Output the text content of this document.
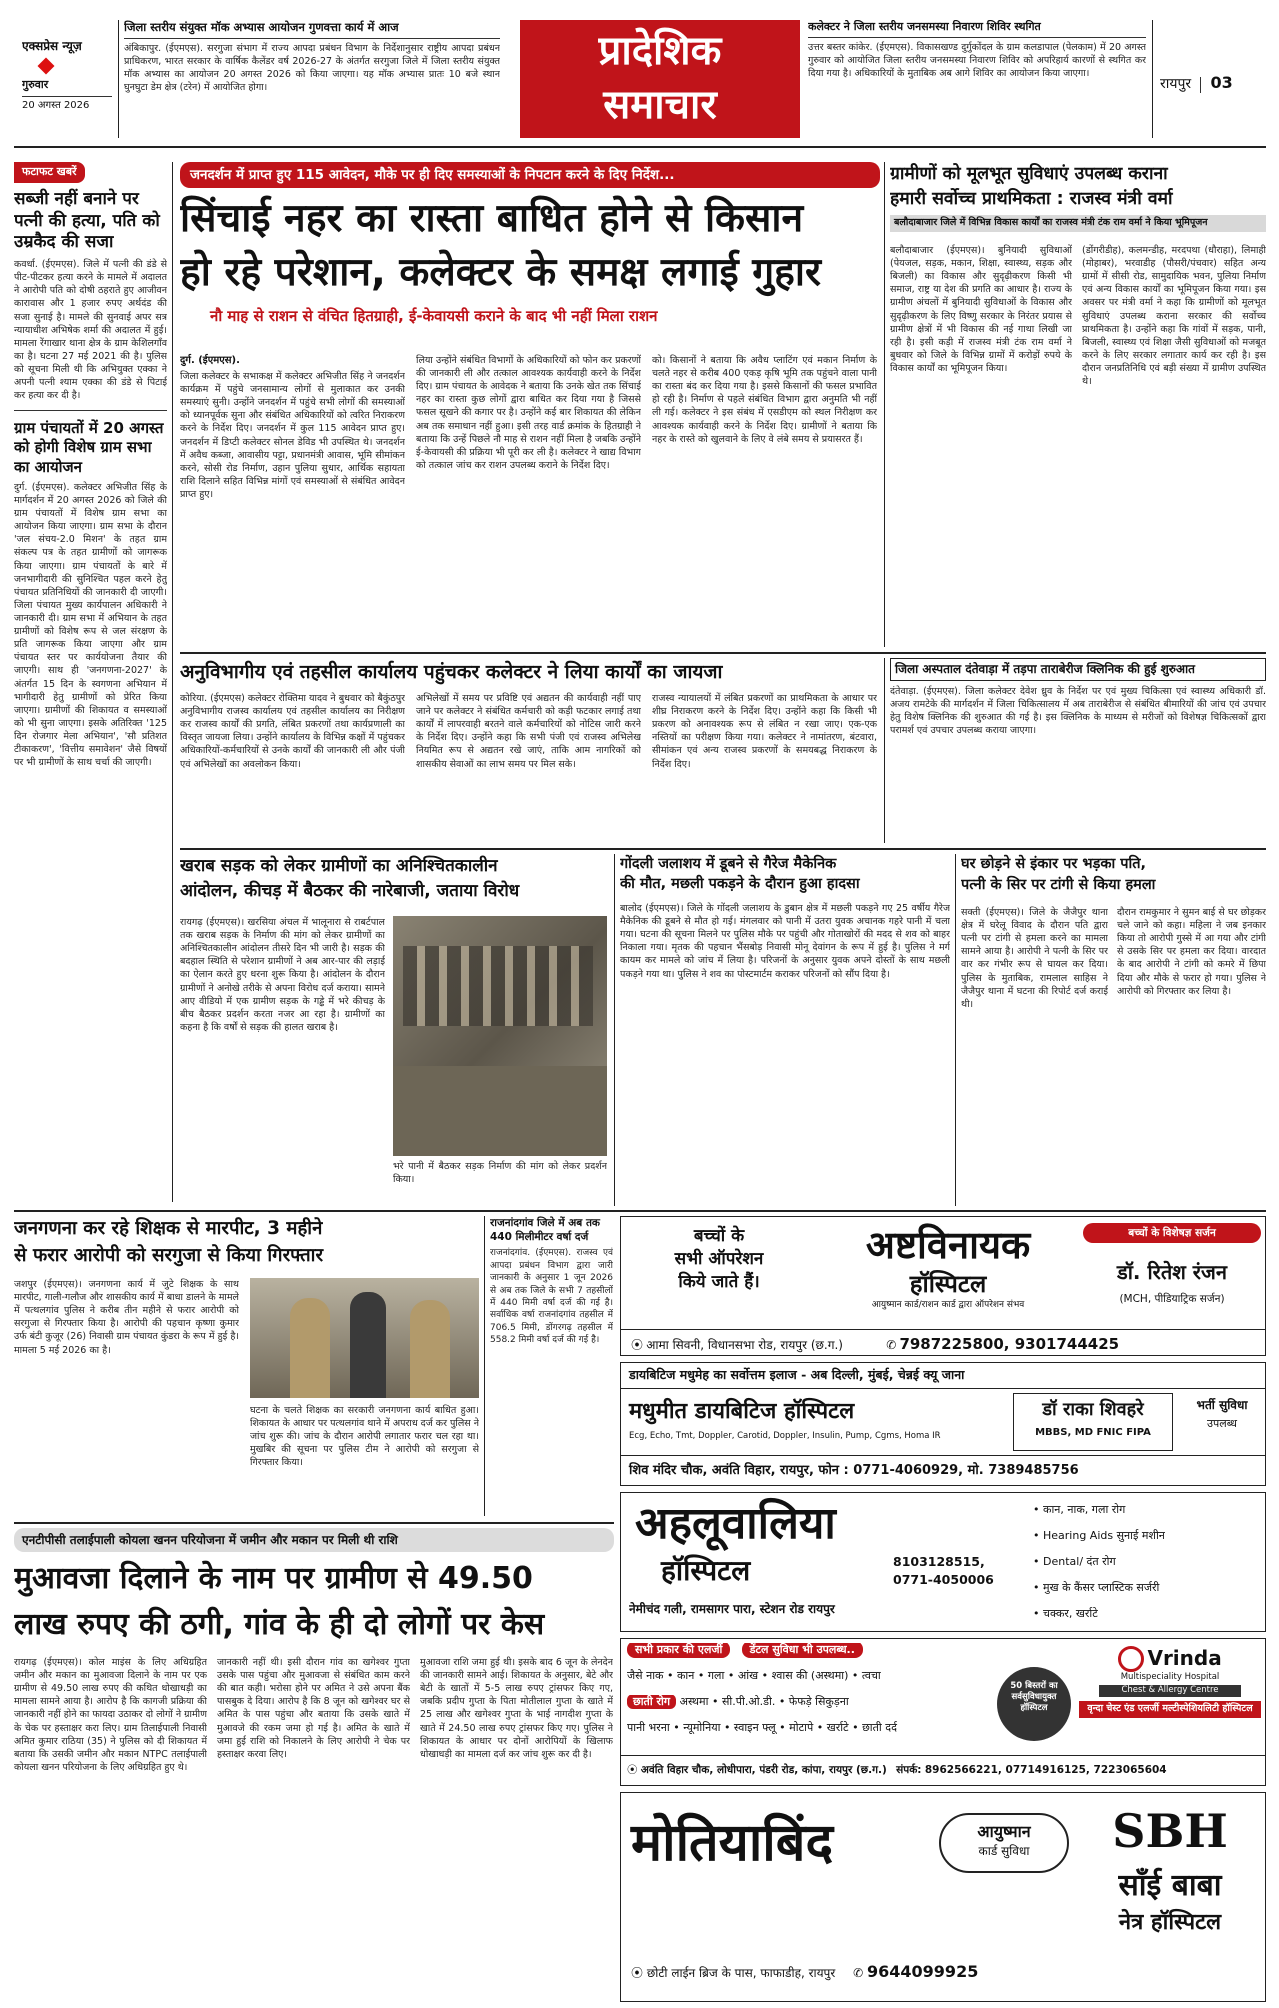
एक्सप्रेस न्यूज़
गुरुवार
20 अगस्त 2026
जिला स्तरीय संयुक्त मॉक अभ्यास आयोजन गुणवत्ता कार्य में आज
अंबिकापुर. (ईएमएस). सरगुजा संभाग में राज्य आपदा प्रबंधन विभाग के निर्देशानुसार राष्ट्रीय आपदा प्रबंधन प्राधिकरण, भारत सरकार के वार्षिक कैलेंडर वर्ष 2026-27 के अंतर्गत सरगुजा जिले में जिला स्तरीय संयुक्त मॉक अभ्यास का आयोजन 20 अगस्त 2026 को किया जाएगा। यह मॉक अभ्यास प्रातः 10 बजे स्थान घुनघुटा डेम क्षेत्र (टरेन) में आयोजित होगा।
प्रादेशिक
समाचार
कलेक्टर ने जिला स्तरीय जनसमस्या निवारण शिविर स्थगित
उत्तर बस्तर कांकेर. (ईएमएस). विकासखण्ड दुर्गुकोंदल के ग्राम कलडापाल (पेलकाम) में 20 अगस्त गुरुवार को आयोजित जिला स्तरीय जनसमस्या निवारण शिविर को अपरिहार्य कारणों से स्थगित कर दिया गया है। अधिकारियों के मुताबिक अब आगे शिविर का आयोजन किया जाएगा।
रायपुर 03
फटाफट खबरें
सब्जी नहीं बनाने पर पत्नी की हत्या, पति को उम्रकैद की सजा
कवर्धा. (ईएमएस). जिले में पत्नी की डंडे से पीट-पीटकर हत्या करने के मामले में अदालत ने आरोपी पति को दोषी ठहराते हुए आजीवन कारावास और 1 हजार रुपए अर्थदंड की सजा सुनाई है। मामले की सुनवाई अपर सत्र न्यायाधीश अभिषेक शर्मा की अदालत में हुई। मामला रेंगाखार थाना क्षेत्र के ग्राम केशिलगाँव का है। घटना 27 मई 2021 की है। पुलिस को सूचना मिली थी कि अभियुक्त एक्का ने अपनी पत्नी श्याम एक्का की डंडे से पिटाई कर हत्या कर दी है।
ग्राम पंचायतों में 20 अगस्त को होगी विशेष ग्राम सभा का आयोजन
दुर्ग. (ईएमएस). कलेक्टर अभिजीत सिंह के मार्गदर्शन में 20 अगस्त 2026 को जिले की ग्राम पंचायतों में विशेष ग्राम सभा का आयोजन किया जाएगा। ग्राम सभा के दौरान 'जल संचय-2.0 मिशन' के तहत ग्राम संकल्प पत्र के तहत ग्रामीणों को जागरूक किया जाएगा। ग्राम पंचायतों के बारे में जनभागीदारी की सुनिश्चित पहल करने हेतु पंचायत प्रतिनिधियों की जानकारी दी जाएगी। जिला पंचायत मुख्य कार्यपालन अधिकारी ने जानकारी दी। ग्राम सभा में अभियान के तहत ग्रामीणों को विशेष रूप से जल संरक्षण के प्रति जागरूक किया जाएगा और ग्राम पंचायत स्तर पर कार्ययोजना तैयार की जाएगी। साथ ही 'जनगणना-2027' के अंतर्गत 15 दिन के स्वगणना अभियान में भागीदारी हेतु ग्रामीणों को प्रेरित किया जाएगा। ग्रामीणों की शिकायत व समस्याओं को भी सुना जाएगा। इसके अतिरिक्त '125 दिन रोजगार मेला अभियान', 'सौ प्रतिशत टीकाकरण', 'वित्तीय समावेशन' जैसे विषयों पर भी ग्रामीणों के साथ चर्चा की जाएगी।
जनदर्शन में प्राप्त हुए 115 आवेदन, मौके पर ही दिए समस्याओं के निपटान करने के दिए निर्देश...
सिंचाई नहर का रास्ता बाधित होने से किसान
हो रहे परेशान, कलेक्टर के समक्ष लगाई गुहार
नौ माह से राशन से वंचित हितग्राही, ई-केवायसी कराने के बाद भी नहीं मिला राशन
दुर्ग. (ईएमएस).
जिला कलेक्टर के सभाकक्ष में कलेक्टर अभिजीत सिंह ने जनदर्शन कार्यक्रम में पहुंचे जनसामान्य लोगों से मुलाकात कर उनकी समस्याएं सुनी। उन्होंने जनदर्शन में पहुंचे सभी लोगों की समस्याओं को ध्यानपूर्वक सुना और संबंधित अधिकारियों को त्वरित निराकरण करने के निर्देश दिए। जनदर्शन में कुल 115 आवेदन प्राप्त हुए। जनदर्शन में डिप्टी कलेक्टर सोनल डेविड भी उपस्थित थे। जनदर्शन में अवैध कब्जा, आवासीय पट्टा, प्रधानमंत्री आवास, भूमि सीमांकन करने, सोसी रोड निर्माण, उहान पुलिया सुधार, आर्थिक सहायता राशि दिलाने सहित विभिन्न मांगों एवं समस्याओं से संबंधित आवेदन प्राप्त हुए।
लिया उन्होंने संबंधित विभागों के अधिकारियों को फोन कर प्रकरणों की जानकारी ली और तत्काल आवश्यक कार्यवाही करने के निर्देश दिए। ग्राम पंचायत के आवेदक ने बताया कि उनके खेत तक सिंचाई नहर का रास्ता कुछ लोगों द्वारा बाधित कर दिया गया है जिससे फसल सूखने की कगार पर है। उन्होंने कई बार शिकायत की लेकिन अब तक समाधान नहीं हुआ। इसी तरह वार्ड क्रमांक के हितग्राही ने बताया कि उन्हें पिछले नौ माह से राशन नहीं मिला है जबकि उन्होंने ई-केवायसी की प्रक्रिया भी पूरी कर ली है। कलेक्टर ने खाद्य विभाग को तत्काल जांच कर राशन उपलब्ध कराने के निर्देश दिए।
को। किसानों ने बताया कि अवैध प्लाटिंग एवं मकान निर्माण के चलते नहर से करीब 400 एकड़ कृषि भूमि तक पहुंचने वाला पानी का रास्ता बंद कर दिया गया है। इससे किसानों की फसल प्रभावित हो रही है। निर्माण से पहले संबंधित विभाग द्वारा अनुमति भी नहीं ली गई। कलेक्टर ने इस संबंध में एसडीएम को स्थल निरीक्षण कर आवश्यक कार्यवाही करने के निर्देश दिए। ग्रामीणों ने बताया कि नहर के रास्ते को खुलवाने के लिए वे लंबे समय से प्रयासरत हैं।
ग्रामीणों को मूलभूत सुविधाएं उपलब्ध कराना
हमारी सर्वोच्च प्राथमिकता : राजस्व मंत्री वर्मा
बलौदाबाजार जिले में विभिन्न विकास कार्यों का राजस्व मंत्री टंक राम वर्मा ने किया भूमिपूजन
बलौदाबाजार (ईएमएस)। बुनियादी सुविधाओं (पेयजल, सड़क, मकान, शिक्षा, स्वास्थ्य, सड़क और बिजली) का विकास और सुदृढ़ीकरण किसी भी समाज, राष्ट्र या देश की प्रगति का आधार है। राज्य के ग्रामीण अंचलों में बुनियादी सुविधाओं के विकास और सुदृढ़ीकरण के लिए विष्णु सरकार के निरंतर प्रयास से ग्रामीण क्षेत्रों में भी विकास की नई गाथा लिखी जा रही है। इसी कड़ी में राजस्व मंत्री टंक राम वर्मा ने बुधवार को जिले के विभिन्न ग्रामों में करोड़ों रुपये के विकास कार्यों का भूमिपूजन किया।
(डोंगरीडीह), कलमन्डीह, मरदपथा (धौराहा), लिमाही (मोहाबर), भरवाडीह (पौसरी/पंचवार) सहित अन्य ग्रामों में सीसी रोड, सामुदायिक भवन, पुलिया निर्माण एवं अन्य विकास कार्यों का भूमिपूजन किया गया। इस अवसर पर मंत्री वर्मा ने कहा कि ग्रामीणों को मूलभूत सुविधाएं उपलब्ध कराना सरकार की सर्वोच्च प्राथमिकता है। उन्होंने कहा कि गांवों में सड़क, पानी, बिजली, स्वास्थ्य एवं शिक्षा जैसी सुविधाओं को मजबूत करने के लिए सरकार लगातार कार्य कर रही है। इस दौरान जनप्रतिनिधि एवं बड़ी संख्या में ग्रामीण उपस्थित थे।
अनुविभागीय एवं तहसील कार्यालय पहुंचकर कलेक्टर ने लिया कार्यों का जायजा
कोरिया. (ईएमएस) कलेक्टर रोक्तिमा यादव ने बुधवार को बैकुंठपुर अनुविभागीय राजस्व कार्यालय एवं तहसील कार्यालय का निरीक्षण कर राजस्व कार्यों की प्रगति, लंबित प्रकरणों तथा कार्यप्रणाली का विस्तृत जायजा लिया। उन्होंने कार्यालय के विभिन्न कक्षों में पहुंचकर अधिकारियों-कर्मचारियों से उनके कार्यों की जानकारी ली और पंजी एवं अभिलेखों का अवलोकन किया।
अभिलेखों में समय पर प्रविष्टि एवं अद्यतन की कार्यवाही नहीं पाए जाने पर कलेक्टर ने संबंधित कर्मचारी को कड़ी फटकार लगाई तथा कार्यों में लापरवाही बरतने वाले कर्मचारियों को नोटिस जारी करने के निर्देश दिए। उन्होंने कहा कि सभी पंजी एवं राजस्व अभिलेख नियमित रूप से अद्यतन रखे जाएं, ताकि आम नागरिकों को शासकीय सेवाओं का लाभ समय पर मिल सके।
राजस्व न्यायालयों में लंबित प्रकरणों का प्राथमिकता के आधार पर शीघ्र निराकरण करने के निर्देश दिए। उन्होंने कहा कि किसी भी प्रकरण को अनावश्यक रूप से लंबित न रखा जाए। एक-एक नस्तियों का परीक्षण किया गया। कलेक्टर ने नामांतरण, बंटवारा, सीमांकन एवं अन्य राजस्व प्रकरणों के समयबद्ध निराकरण के निर्देश दिए।
जिला अस्पताल दंतेवाड़ा में तड़पा ताराबेरीज क्लिनिक की हुई शुरुआत
दंतेवाड़ा. (ईएमएस). जिला कलेक्टर देवेश ध्रुव के निर्देश पर एवं मुख्य चिकित्सा एवं स्वास्थ्य अधिकारी डॉ. अजय रामटेके की मार्गदर्शन में जिला चिकित्सालय में अब ताराबेरीज से संबंधित बीमारियों की जांच एवं उपचार हेतु विशेष क्लिनिक की शुरुआत की गई है। इस क्लिनिक के माध्यम से मरीजों को विशेषज्ञ चिकित्सकों द्वारा परामर्श एवं उपचार उपलब्ध कराया जाएगा।
खराब सड़क को लेकर ग्रामीणों का अनिश्चितकालीन
आंदोलन, कीचड़ में बैठकर की नारेबाजी, जताया विरोध
रायगढ़ (ईएमएस)। खरसिया अंचल में भालूनारा से राबर्टपाल तक खराब सड़क के निर्माण की मांग को लेकर ग्रामीणों का अनिश्चितकालीन आंदोलन तीसरे दिन भी जारी है। सड़क की बदहाल स्थिति से परेशान ग्रामीणों ने अब आर-पार की लड़ाई का ऐलान करते हुए धरना शुरू किया है। आंदोलन के दौरान ग्रामीणों ने अनोखे तरीके से अपना विरोध दर्ज कराया। सामने आए वीडियो में एक ग्रामीण सड़क के गड्ढे में भरे कीचड़ के बीच बैठकर प्रदर्शन करता नजर आ रहा है। ग्रामीणों का कहना है कि वर्षों से सड़क की हालत खराब है।
भरे पानी में बैठकर सड़क निर्माण की मांग को लेकर प्रदर्शन किया।
गोंदली जलाशय में डूबने से गैरेज मैकेनिक
की मौत, मछली पकड़ने के दौरान हुआ हादसा
बालोद (ईएमएस)। जिले के गोंदली जलाशय के डुबान क्षेत्र में मछली पकड़ने गए 25 वर्षीय गैरेज मैकेनिक की डूबने से मौत हो गई। मंगलवार को पानी में उतरा युवक अचानक गहरे पानी में चला गया। घटना की सूचना मिलने पर पुलिस मौके पर पहुंची और गोताखोरों की मदद से शव को बाहर निकाला गया। मृतक की पहचान भैंसबोड़ निवासी मोनू देवांगन के रूप में हुई है। पुलिस ने मर्ग कायम कर मामले को जांच में लिया है। परिजनों के अनुसार युवक अपने दोस्तों के साथ मछली पकड़ने गया था। पुलिस ने शव का पोस्टमार्टम कराकर परिजनों को सौंप दिया है।
घर छोड़ने से इंकार पर भड़का पति,
पत्नी के सिर पर टांगी से किया हमला
सक्ती (ईएमएस)। जिले के जैजैपुर थाना क्षेत्र में घरेलू विवाद के दौरान पति द्वारा पत्नी पर टांगी से हमला करने का मामला सामने आया है। आरोपी ने पत्नी के सिर पर वार कर गंभीर रूप से घायल कर दिया। पुलिस के मुताबिक, रामलाल साहिस ने जैजैपुर थाना में घटना की रिपोर्ट दर्ज कराई थी।
दौरान रामकुमार ने सुमन बाई से घर छोड़कर चले जाने को कहा। महिला ने जब इनकार किया तो आरोपी गुस्से में आ गया और टांगी से उसके सिर पर हमला कर दिया। वारदात के बाद आरोपी ने टांगी को कमरे में छिपा दिया और मौके से फरार हो गया। पुलिस ने आरोपी को गिरफ्तार कर लिया है।
जनगणना कर रहे शिक्षक से मारपीट, 3 महीने
से फरार आरोपी को सरगुजा से किया गिरफ्तार
जशपुर (ईएमएस)। जनगणना कार्य में जुटे शिक्षक के साथ मारपीट, गाली-गलौज और शासकीय कार्य में बाधा डालने के मामले में पत्थलगांव पुलिस ने करीब तीन महीने से फरार आरोपी को सरगुजा से गिरफ्तार किया है। आरोपी की पहचान कृष्णा कुमार उर्फ बंटी कुजूर (26) निवासी ग्राम पंचायत कुंडरा के रूप में हुई है। मामला 5 मई 2026 का है।
घटना के चलते शिक्षक का सरकारी जनगणना कार्य बाधित हुआ। शिकायत के आधार पर पत्थलगांव थाने में अपराध दर्ज कर पुलिस ने जांच शुरू की। जांच के दौरान आरोपी लगातार फरार चल रहा था। मुखबिर की सूचना पर पुलिस टीम ने आरोपी को सरगुजा से गिरफ्तार किया।
राजनांदगांव जिले में अब तक 440 मिलीमीटर वर्षा दर्ज
राजनांदगांव. (ईएमएस). राजस्व एवं आपदा प्रबंधन विभाग द्वारा जारी जानकारी के अनुसार 1 जून 2026 से अब तक जिले के सभी 7 तहसीलों में 440 मिमी वर्षा दर्ज की गई है। सर्वाधिक वर्षा राजनांदगांव तहसील में 706.5 मिमी, डोंगरगढ़ तहसील में 558.2 मिमी वर्षा दर्ज की गई है।
बच्चों के
सभी ऑपरेशन
किये जाते हैं।
अष्टविनायक
हॉस्पिटल
आयुष्मान कार्ड/राशन कार्ड द्वारा ऑपरेशन संभव
बच्चों के विशेषज्ञ सर्जन
डॉ. रितेश रंजन
(MCH, पीडियाट्रिक सर्जन)
⦿ आमा सिवनी, विधानसभा रोड, रायपुर (छ.ग.)	✆ 7987225800, 9301744425
डायबिटिज मधुमेह का सर्वोत्तम इलाज - अब दिल्ली, मुंबई, चेन्नई क्यू जाना
मधुमीत डायबिटिज हॉस्पिटल
Ecg, Echo, Tmt, Doppler, Carotid, Doppler, Insulin, Pump, Cgms, Homa IR
डॉ राका शिवहरे
MBBS, MD FNIC FIPA
भर्ती सुविधा
उपलब्ध
शिव मंदिर चौक, अवंति विहार, रायपुर, फोन : 0771-4060929, मो. 7389485756
एनटीपीसी तलाईपाली कोयला खनन परियोजना में जमीन और मकान पर मिली थी राशि
मुआवजा दिलाने के नाम पर ग्रामीण से 49.50
लाख रुपए की ठगी, गांव के ही दो लोगों पर केस
रायगढ़ (ईएमएस)। कोल माइंस के लिए अधिग्रहित जमीन और मकान का मुआवजा दिलाने के नाम पर एक ग्रामीण से 49.50 लाख रुपए की कथित धोखाधड़ी का मामला सामने आया है। आरोप है कि कागजी प्रक्रिया की जानकारी नहीं होने का फायदा उठाकर दो लोगों ने ग्रामीण के चेक पर हस्ताक्षर करा लिए। ग्राम तिलाईपाली निवासी अमित कुमार राठिया (35) ने पुलिस को दी शिकायत में बताया कि उसकी जमीन और मकान NTPC तलाईपाली कोयला खनन परियोजना के लिए अधिग्रहित हुए थे।
जानकारी नहीं थी। इसी दौरान गांव का खगेश्वर गुप्ता उसके पास पहुंचा और मुआवजा से संबंधित काम करने की बात कही। भरोसा होने पर अमित ने उसे अपना बैंक पासबुक दे दिया। आरोप है कि 8 जून को खगेश्वर घर से अमित के पास पहुंचा और बताया कि उसके खाते में मुआवजे की रकम जमा हो गई है। अमित के खाते में जमा हुई राशि को निकालने के लिए आरोपी ने चेक पर हस्ताक्षर करवा लिए।
मुआवजा राशि जमा हुई थी। इसके बाद 6 जून के लेनदेन की जानकारी सामने आई। शिकायत के अनुसार, बेटे और बेटी के खातों में 5-5 लाख रुपए ट्रांसफर किए गए, जबकि प्रदीप गुप्ता के पिता मोतीलाल गुप्ता के खाते में 25 लाख और खगेश्वर गुप्ता के भाई नागदीश गुप्ता के खाते में 24.50 लाख रुपए ट्रांसफर किए गए। पुलिस ने शिकायत के आधार पर दोनों आरोपियों के खिलाफ धोखाधड़ी का मामला दर्ज कर जांच शुरू कर दी है।
अहलूवालिया
हॉस्पिटल	8103128515,
0771-4050006
नेमीचंद गली, रामसागर पारा, स्टेशन रोड रायपुर
• कान, नाक, गला रोग
• Hearing Aids सुनाई मशीन
• Dental/ दंत रोग
• मुख के कैंसर प्लास्टिक सर्जरी
• चक्कर, खर्राटे
सभी प्रकार की एलर्जी डेंटल सुविधा भी उपलब्ध..
जैसे नाक • कान • गला • आंख • श्वास की (अस्थमा) • त्वचा
छाती रोग अस्थमा • सी.पी.ओ.डी. • फेफड़े सिकुड़ना
पानी भरना • न्यूमोनिया • स्वाइन फ्लू • मोटापे • खर्राटे • छाती दर्द
50 बिस्तरों का सर्वसुविधायुक्त हॉस्पिटल
Vrinda
Multispeciality Hospital
Chest & Allergy Centre
वृन्दा चेस्ट एंड एलर्जी मल्टीस्पेशियलिटी हॉस्पिटल
⦿ अवंति विहार चौक, लोधीपारा, पंडरी रोड, कांपा, रायपुर (छ.ग.) संपर्क: 8962566221, 07714916125, 7223065604
मोतियाबिंद	आयुष्मान
कार्ड सुविधा
⦿ छोटी लाईन ब्रिज के पास, फाफाडीह, रायपुर ✆ 9644099925
SBH
साँई बाबा
नेत्र हॉस्पिटल
